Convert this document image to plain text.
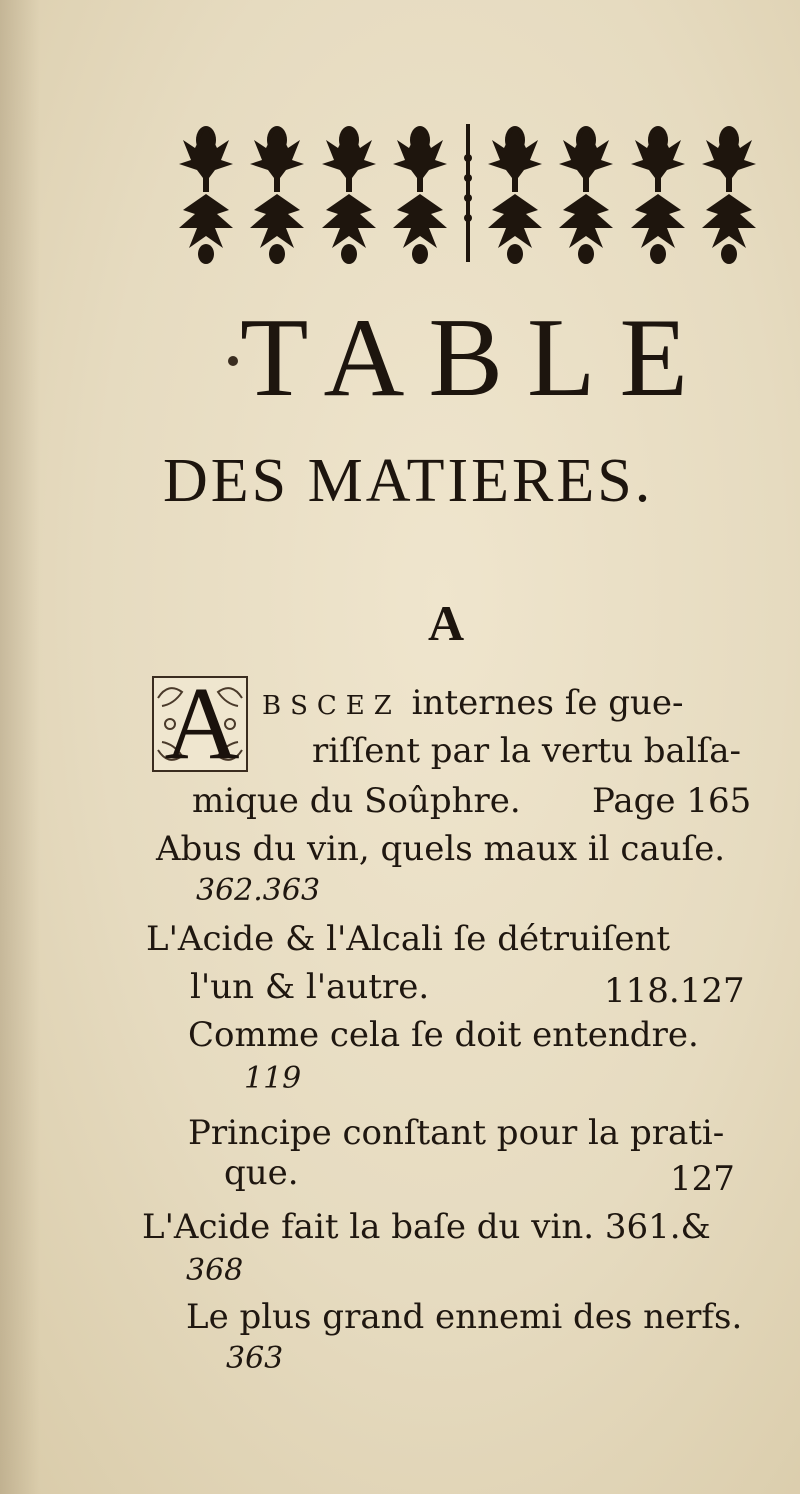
TABLE
DES MATIERES.
A
A BSCEZ internes ſe gue-
riſſent par la vertu balſa-
mique du Soûphre. Page 165
Abus du vin, quels maux il cauſe.
362.363
L'Acide & l'Alcali ſe détruiſent
l'un & l'autre.	118.127
Comme cela ſe doit entendre.
119
Principe conſtant pour la prati-
que.	127
L'Acide fait la baſe du vin. 361.&
368
Le plus grand ennemi des nerfs.
363
